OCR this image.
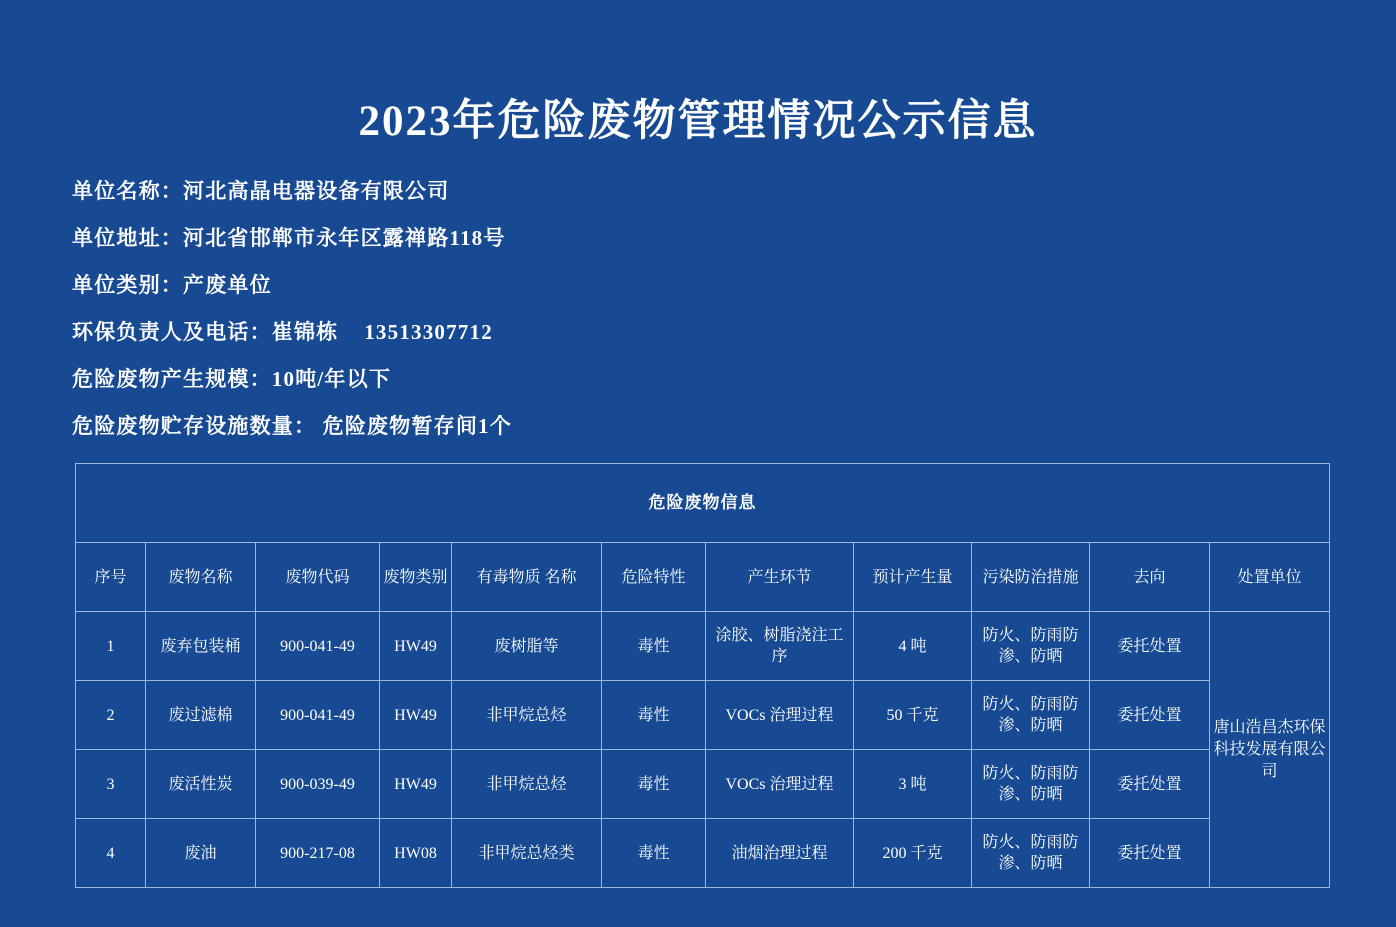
2023年危险废物管理情况公示信息
单位名称：河北高晶电器设备有限公司
单位地址：河北省邯郸市永年区露禅路118号
单位类别：产废单位
环保负责人及电话：崔锦栋    13513307712
危险废物产生规模：10吨/年以下
危险废物贮存设施数量： 危险废物暂存间1个
危险废物信息										
序号	废物名称	废物代码	废物类别	有毒物质 名称	危险特性	产生环节	预计产生量	污染防治措施	去向	处置单位
1	废弃包装桶	900-041-49	HW49	废树脂等	毒性	涂胶、树脂浇注工序	4 吨	防火、防雨防渗、防晒	委托处置	唐山浩昌杰环保科技发展有限公司
2	废过滤棉	900-041-49	HW49	非甲烷总烃	毒性	VOCs 治理过程	50 千克	防火、防雨防渗、防晒	委托处置	
3	废活性炭	900-039-49	HW49	非甲烷总烃	毒性	VOCs 治理过程	3 吨	防火、防雨防渗、防晒	委托处置	
4	废油	900-217-08	HW08	非甲烷总烃类	毒性	油烟治理过程	200 千克	防火、防雨防渗、防晒	委托处置	
